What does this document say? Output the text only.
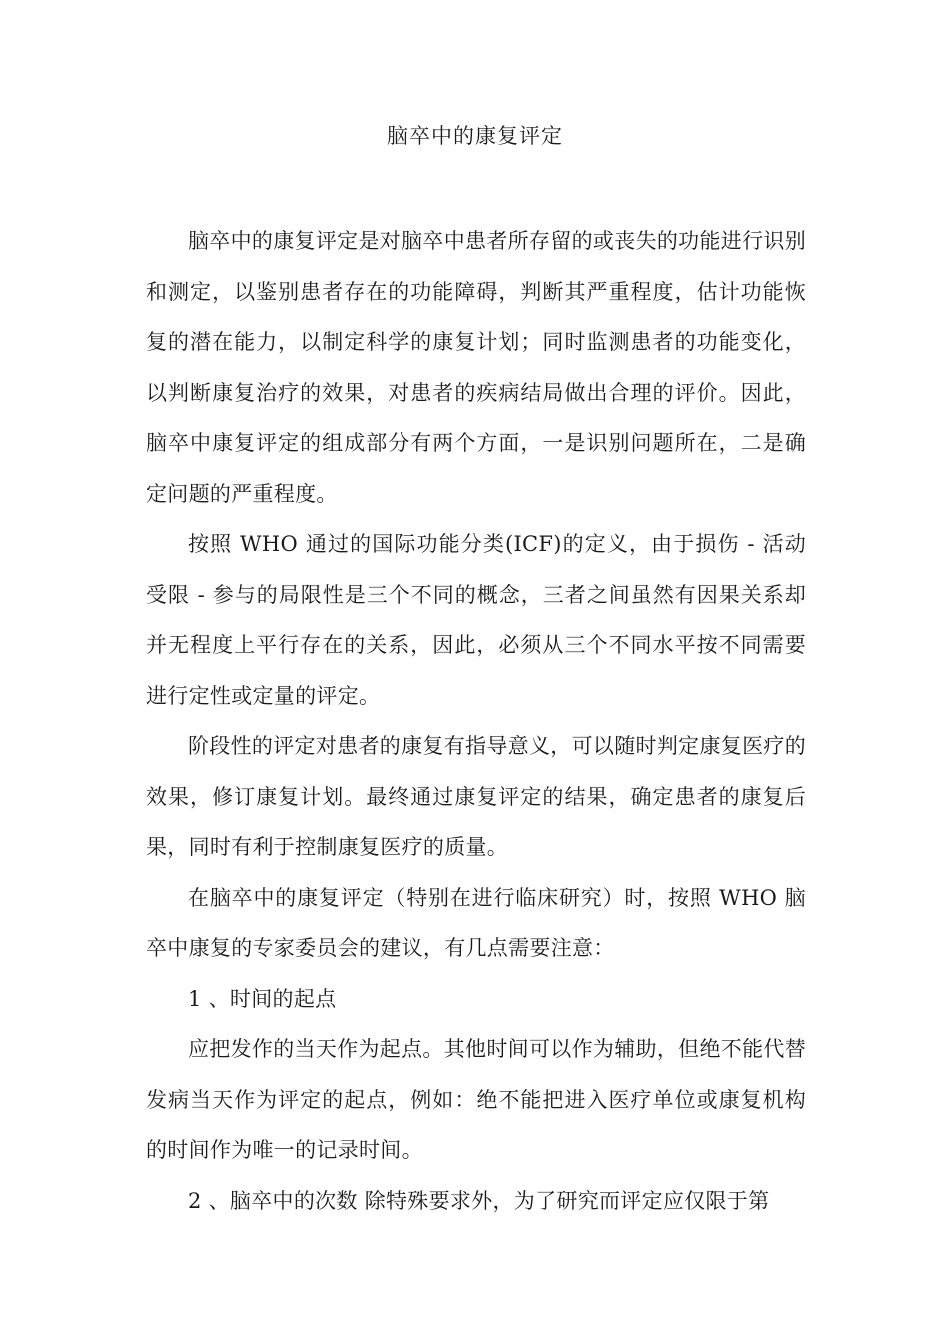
脑卒中的康复评定

脑卒中的康复评定是对脑卒中患者所存留的或丧失的功能进行识别和测定，以鉴别患者存在的功能障碍，判断其严重程度，估计功能恢复的潜在能力，以制定科学的康复计划；同时监测患者的功能变化，以判断康复治疗的效果，对患者的疾病结局做出合理的评价。因此，脑卒中康复评定的组成部分有两个方面，一是识别问题所在，二是确定问题的严重程度。

按照 WHO 通过的国际功能分类(ICF)的定义，由于损伤 - 活动受限 - 参与的局限性是三个不同的概念，三者之间虽然有因果关系却并无程度上平行存在的关系，因此，必须从三个不同水平按不同需要进行定性或定量的评定。

阶段性的评定对患者的康复有指导意义，可以随时判定康复医疗的效果，修订康复计划。最终通过康复评定的结果，确定患者的康复后果，同时有利于控制康复医疗的质量。

在脑卒中的康复评定（特别在进行临床研究）时，按照 WHO 脑卒中康复的专家委员会的建议，有几点需要注意：

1 、时间的起点

应把发作的当天作为起点。其他时间可以作为辅助，但绝不能代替发病当天作为评定的起点，例如：绝不能把进入医疗单位或康复机构的时间作为唯一的记录时间。

2 、脑卒中的次数 除特殊要求外，为了研究而评定应仅限于第
